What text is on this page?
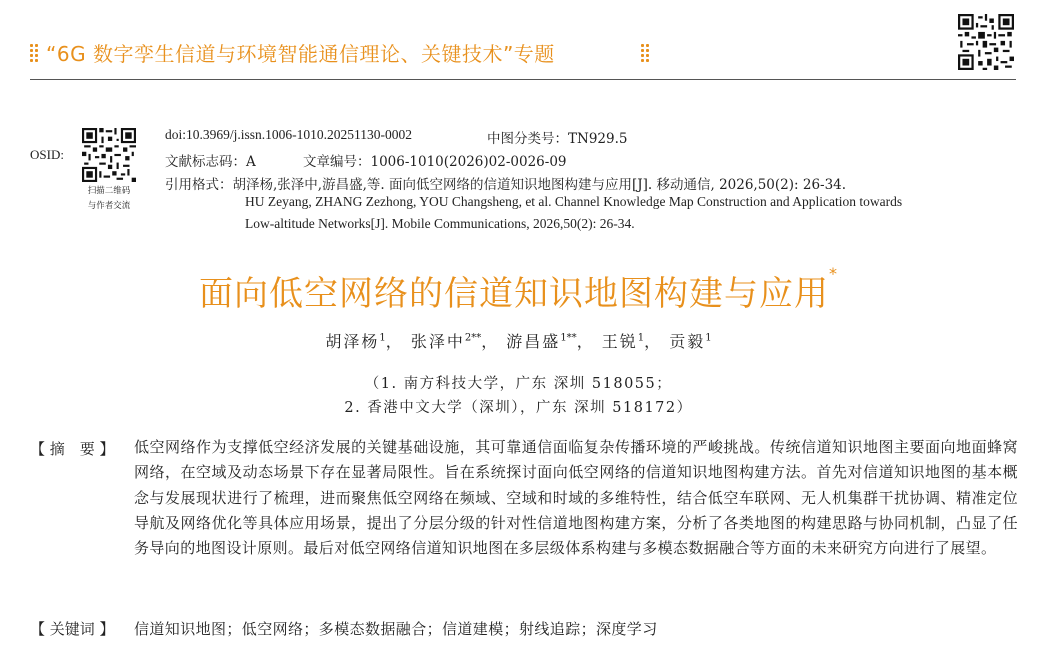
“6G 数字孪生信道与环境智能通信理论、关键技术”专题
OSID:
扫描二维码
与作者交流
doi:10.3969/j.issn.1006-1010.20251130-0002	中图分类号：TN929.5
文献标志码：A	文章编号：1006-1010(2026)02-0026-09
引用格式：胡泽杨,张泽中,游昌盛,等. 面向低空网络的信道知识地图构建与应用[J]. 移动通信, 2026,50(2): 26-34.
HU Zeyang, ZHANG Zezhong, YOU Changsheng, et al. Channel Knowledge Map Construction and Application towards
Low-altitude Networks[J]. Mobile Communications, 2026,50(2): 26-34.
面向低空网络的信道知识地图构建与应用*
胡泽杨$^1$， 张泽中$^{2**}$， 游昌盛$^{1**}$， 王锐$^1$， 贡毅$^1$
（1. 南方科技大学，广东 深圳 518055；
2. 香港中文大学（深圳），广东 深圳 518172）
【 摘　要 】 低空网络作为支撑低空经济发展的关键基础设施，其可靠通信面临复杂传播环境的严峻挑战。传统信道知识地图主要面向地面蜂窝网络，在空域及动态场景下存在显著局限性。旨在系统探讨面向低空网络的信道知识地图构建方法。首先对信道知识地图的基本概念与发展现状进行了梳理，进而聚焦低空网络在频域、空域和时域的多维特性，结合低空车联网、无人机集群干扰协调、精准定位导航及网络优化等具体应用场景，提出了分层分级的针对性信道地图构建方案，分析了各类地图的构建思路与协同机制，凸显了任务导向的地图设计原则。最后对低空网络信道知识地图在多层级体系构建与多模态数据融合等方面的未来研究方向进行了展望。
【 关键词 】 信道知识地图；低空网络；多模态数据融合；信道建模；射线追踪；深度学习
